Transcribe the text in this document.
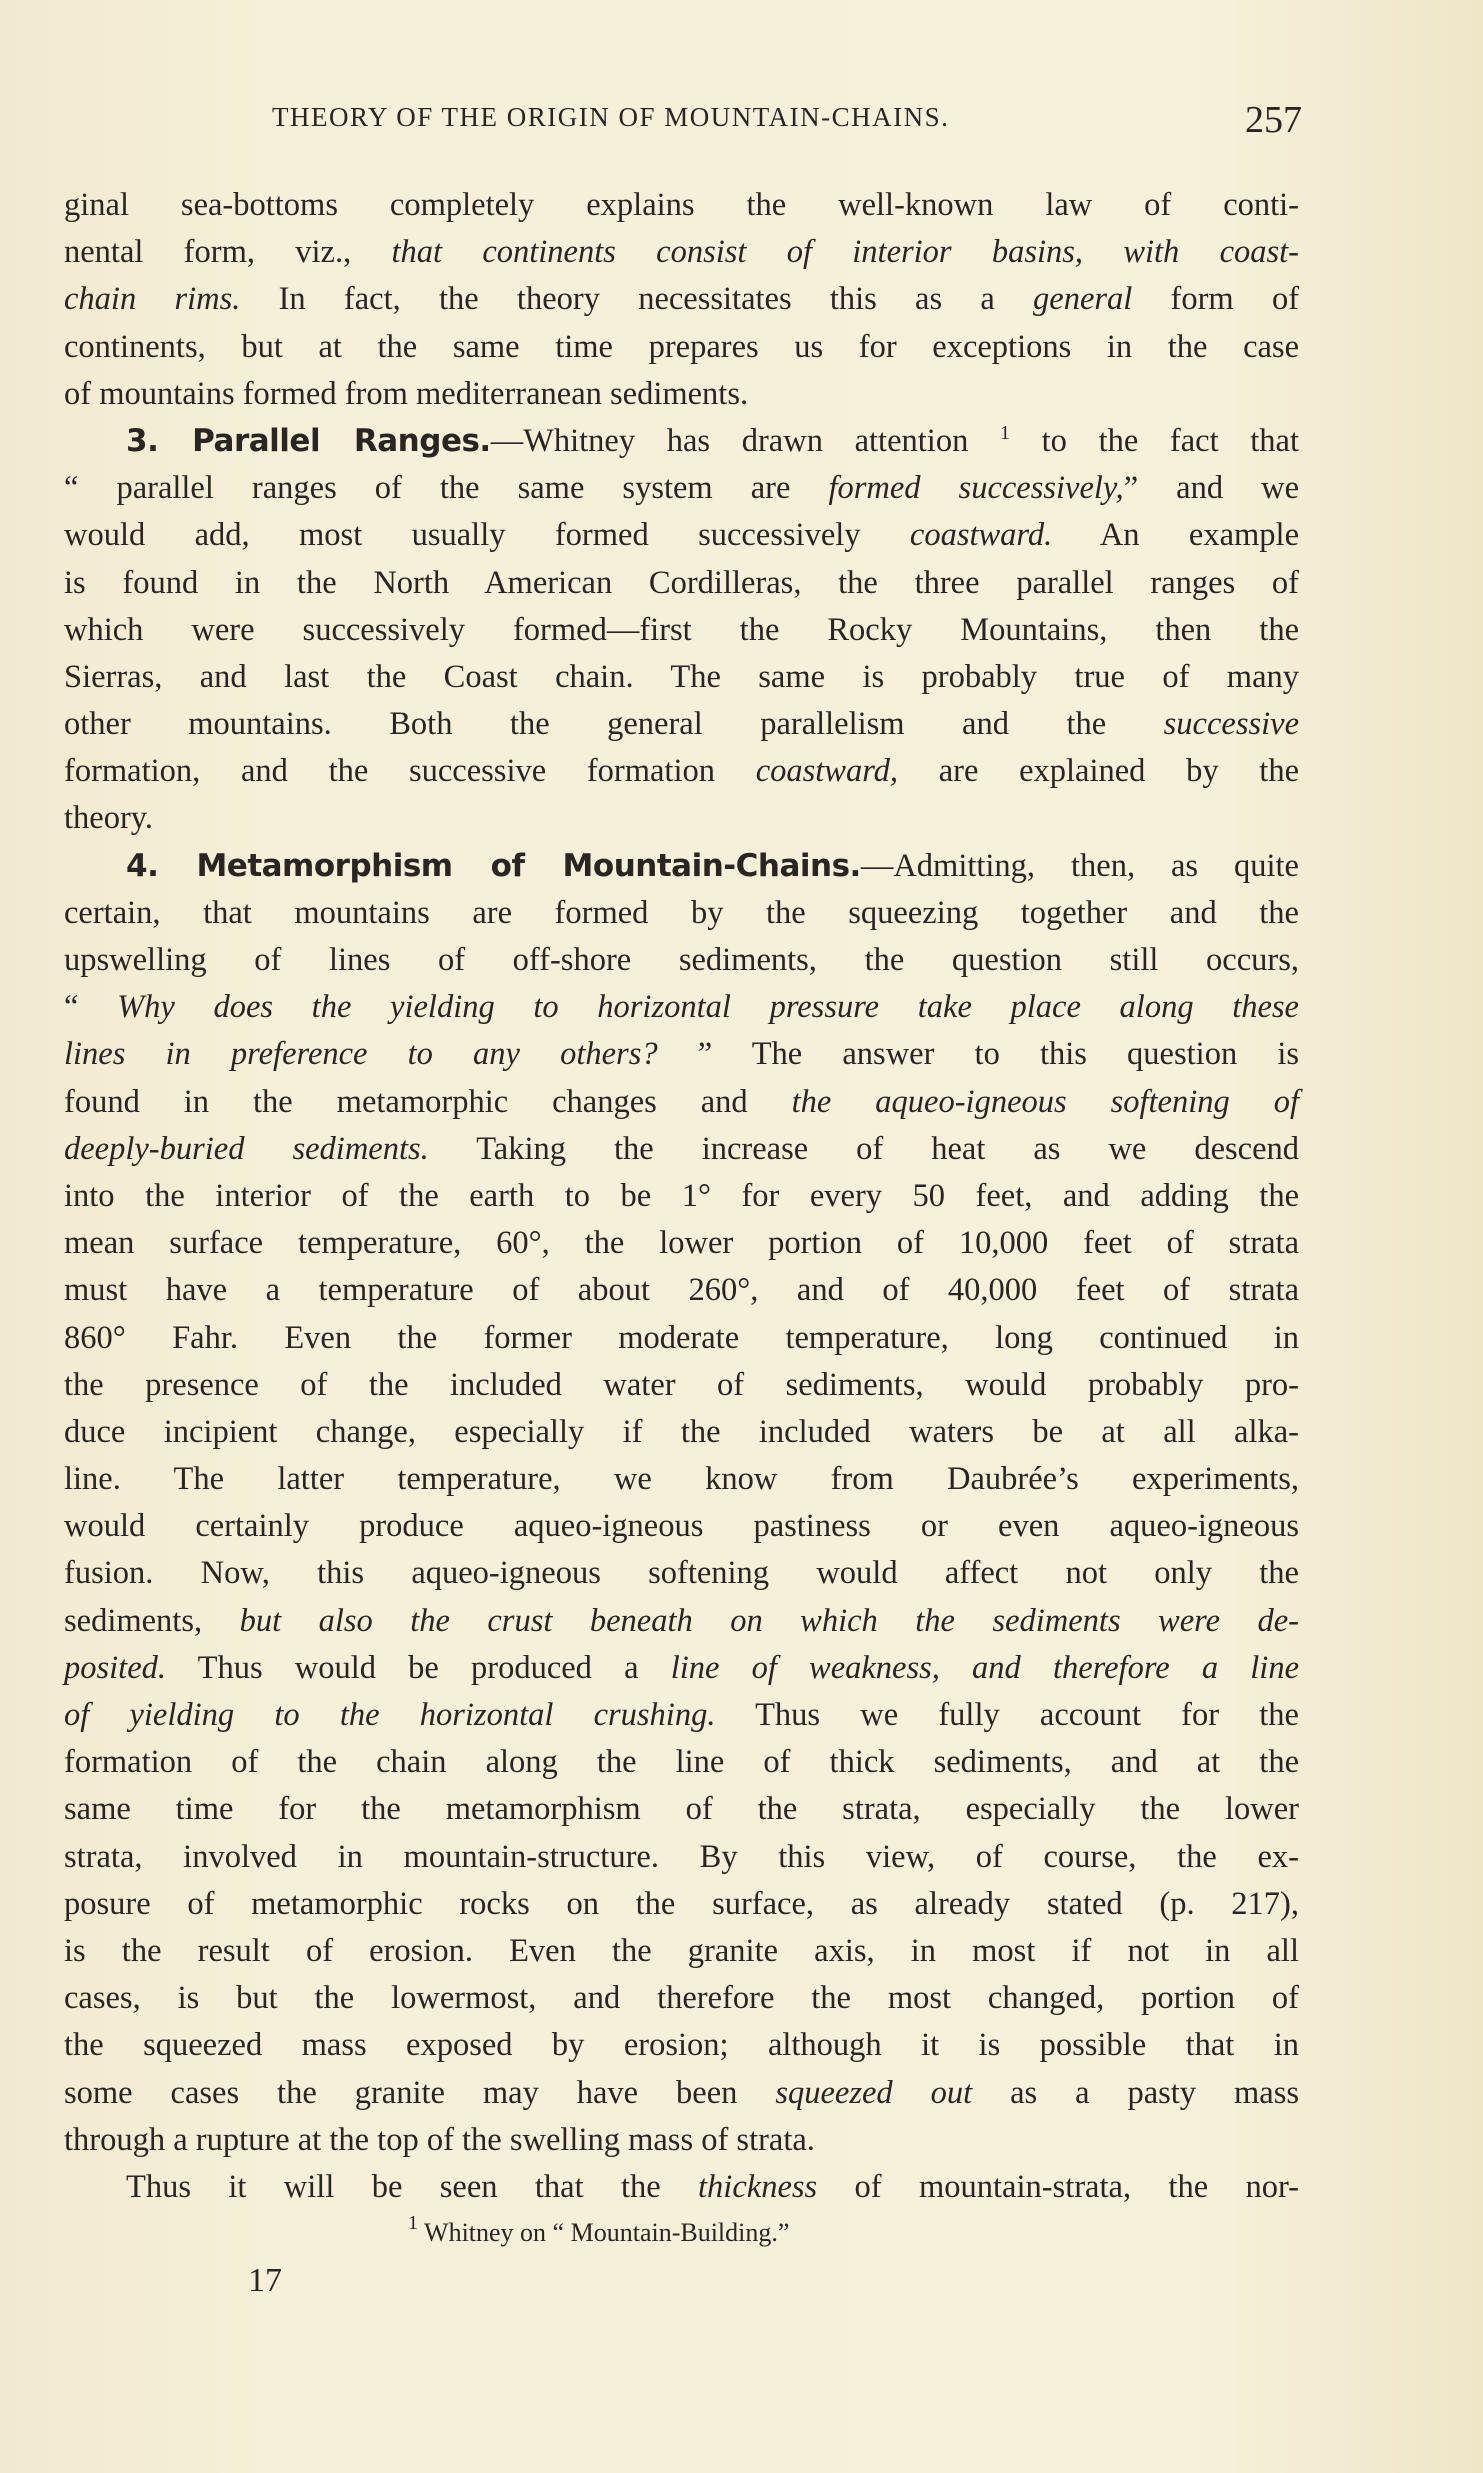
THEORY OF THE ORIGIN OF MOUNTAIN-CHAINS.	257
ginal sea-bottoms completely explains the well-known law of conti-
nental form, viz., that continents consist of interior basins, with coast-
chain rims. In fact, the theory necessitates this as a general form of
continents, but at the same time prepares us for exceptions in the case
of mountains formed from mediterranean sediments.
3. Parallel Ranges.—Whitney has drawn attention $^1$ to the fact that
“ parallel ranges of the same system are formed successively,” and we
would add, most usually formed successively coastward. An example
is found in the North American Cordilleras, the three parallel ranges of
which were successively formed—first the Rocky Mountains, then the
Sierras, and last the Coast chain. The same is probably true of many
other mountains. Both the general parallelism and the successive
formation, and the successive formation coastward, are explained by the
theory.
4. Metamorphism of Mountain-Chains.—Admitting, then, as quite
certain, that mountains are formed by the squeezing together and the
upswelling of lines of off-shore sediments, the question still occurs,
“ Why does the yielding to horizontal pressure take place along these
lines in preference to any others? ” The answer to this question is
found in the metamorphic changes and the aqueo-igneous softening of
deeply-buried sediments. Taking the increase of heat as we descend
into the interior of the earth to be 1° for every 50 feet, and adding the
mean surface temperature, 60°, the lower portion of 10,000 feet of strata
must have a temperature of about 260°, and of 40,000 feet of strata
860° Fahr. Even the former moderate temperature, long continued in
the presence of the included water of sediments, would probably pro-
duce incipient change, especially if the included waters be at all alka-
line. The latter temperature, we know from Daubrée’s experiments,
would certainly produce aqueo-igneous pastiness or even aqueo-igneous
fusion. Now, this aqueo-igneous softening would affect not only the
sediments, but also the crust beneath on which the sediments were de-
posited. Thus would be produced a line of weakness, and therefore a line
of yielding to the horizontal crushing. Thus we fully account for the
formation of the chain along the line of thick sediments, and at the
same time for the metamorphism of the strata, especially the lower
strata, involved in mountain-structure. By this view, of course, the ex-
posure of metamorphic rocks on the surface, as already stated (p. 217),
is the result of erosion. Even the granite axis, in most if not in all
cases, is but the lowermost, and therefore the most changed, portion of
the squeezed mass exposed by erosion; although it is possible that in
some cases the granite may have been squeezed out as a pasty mass
through a rupture at the top of the swelling mass of strata.
Thus it will be seen that the thickness of mountain-strata, the nor-
$^1$ Whitney on “ Mountain-Building.”
17
